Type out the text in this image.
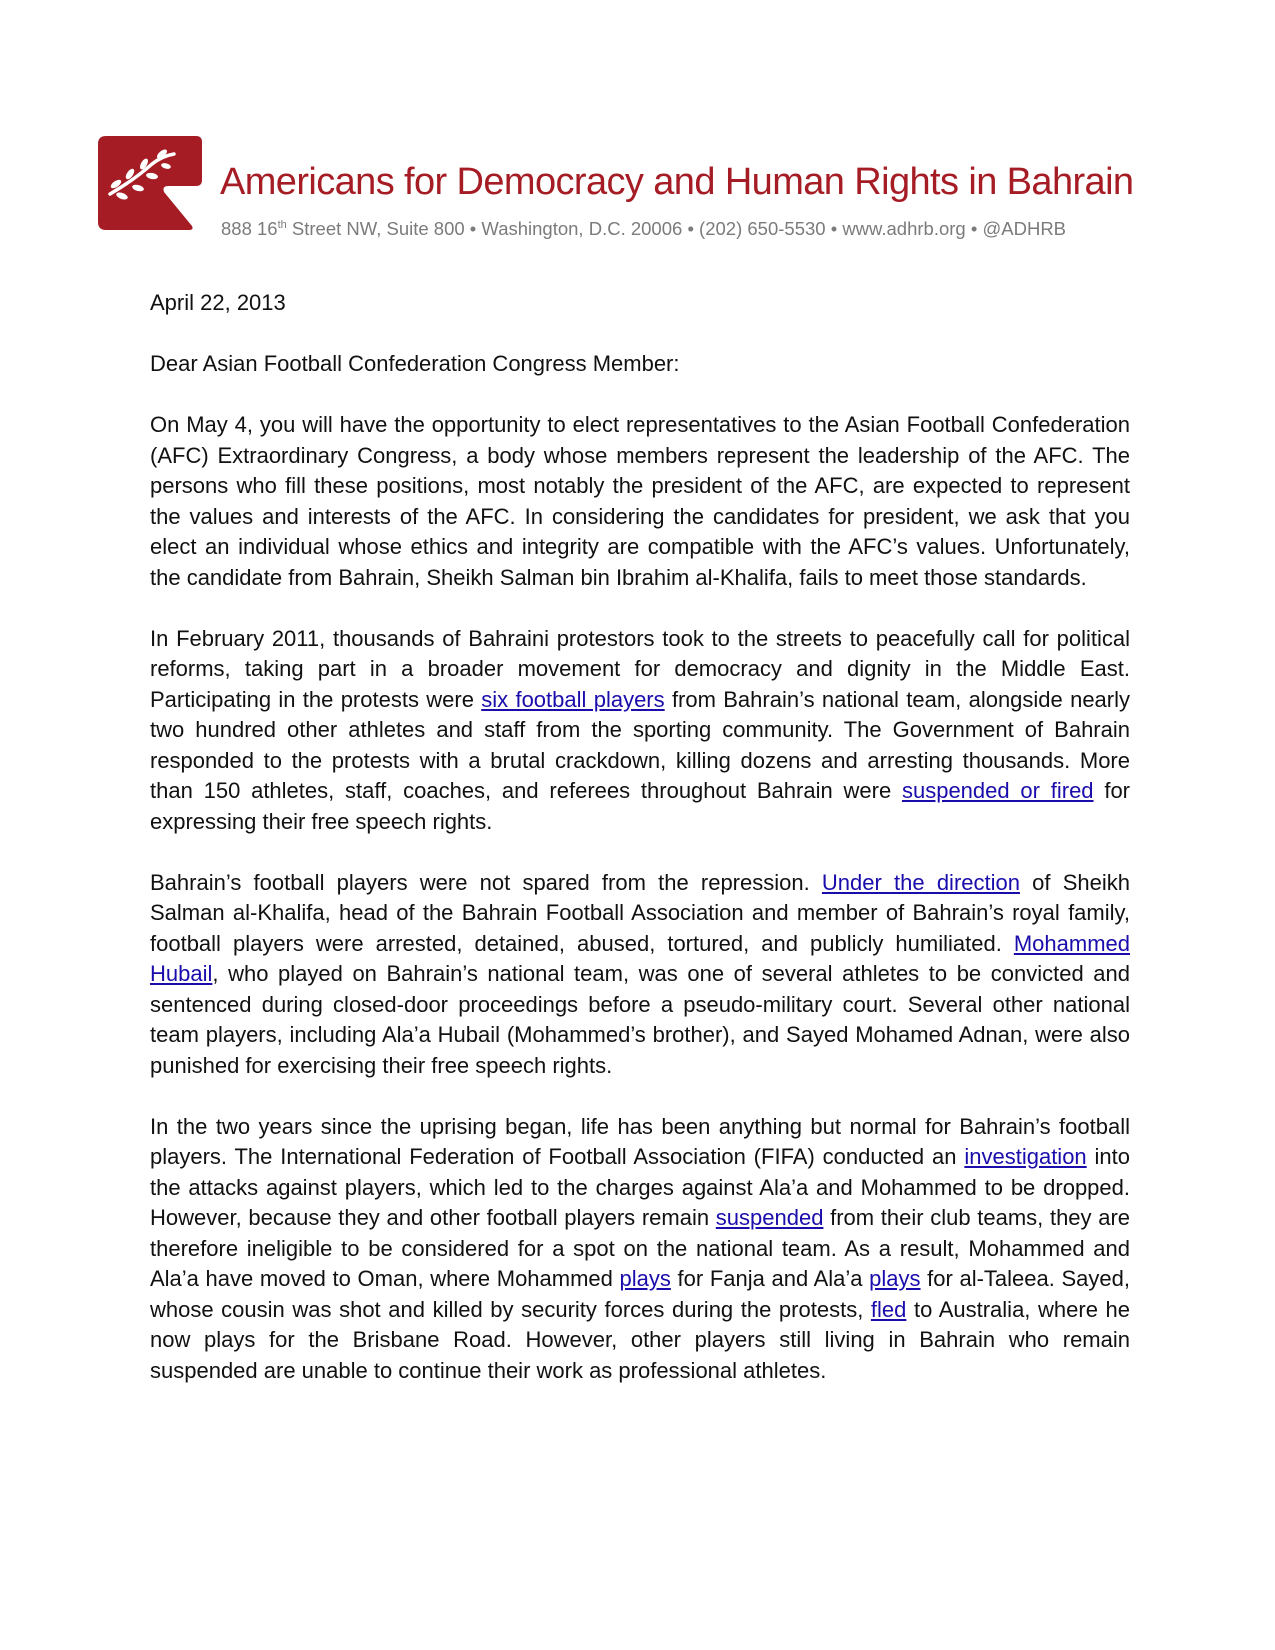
Americans for Democracy and Human Rights in Bahrain
888 16th Street NW, Suite 800 • Washington, D.C. 20006 • (202) 650-5530 • www.adhrb.org • @ADHRB

April 22, 2013

Dear Asian Football Confederation Congress Member:

On May 4, you will have the opportunity to elect representatives to the Asian Football Confederation (AFC) Extraordinary Congress, a body whose members represent the leadership of the AFC. The persons who fill these positions, most notably the president of the AFC, are expected to represent the values and interests of the AFC. In considering the candidates for president, we ask that you elect an individual whose ethics and integrity are compatible with the AFC’s values. Unfortunately, the candidate from Bahrain, Sheikh Salman bin Ibrahim al-Khalifa, fails to meet those standards.

In February 2011, thousands of Bahraini protestors took to the streets to peacefully call for political reforms, taking part in a broader movement for democracy and dignity in the Middle East. Participating in the protests were six football players from Bahrain’s national team, alongside nearly two hundred other athletes and staff from the sporting community. The Government of Bahrain responded to the protests with a brutal crackdown, killing dozens and arresting thousands. More than 150 athletes, staff, coaches, and referees throughout Bahrain were suspended or fired for expressing their free speech rights.

Bahrain’s football players were not spared from the repression. Under the direction of Sheikh Salman al-Khalifa, head of the Bahrain Football Association and member of Bahrain’s royal family, football players were arrested, detained, abused, tortured, and publicly humiliated. Mohammed Hubail, who played on Bahrain’s national team, was one of several athletes to be convicted and sentenced during closed-door proceedings before a pseudo-military court. Several other national team players, including Ala’a Hubail (Mohammed’s brother), and Sayed Mohamed Adnan, were also punished for exercising their free speech rights.

In the two years since the uprising began, life has been anything but normal for Bahrain’s football players. The International Federation of Football Association (FIFA) conducted an investigation into the attacks against players, which led to the charges against Ala’a and Mohammed to be dropped. However, because they and other football players remain suspended from their club teams, they are therefore ineligible to be considered for a spot on the national team. As a result, Mohammed and Ala’a have moved to Oman, where Mohammed plays for Fanja and Ala’a plays for al-Taleea. Sayed, whose cousin was shot and killed by security forces during the protests, fled to Australia, where he now plays for the Brisbane Road. However, other players still living in Bahrain who remain suspended are unable to continue their work as professional athletes.
